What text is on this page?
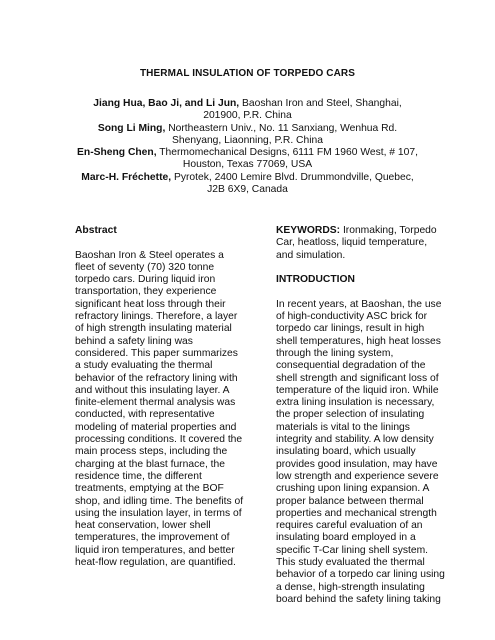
THERMAL INSULATION OF TORPEDO CARS

Jiang Hua, Bao Ji, and Li Jun, Baoshan Iron and Steel, Shanghai, 201900, P.R. China

Song Li Ming, Northeastern Univ., No. 11 Sanxiang, Wenhua Rd. Shenyang, Liaonning, P.R. China

En-Sheng Chen, Thermomechanical Designs, 6111 FM 1960 West, # 107, Houston, Texas 77069, USA

Marc-H. Fréchette, Pyrotek, 2400 Lemire Blvd. Drummondville, Quebec, J2B 6X9, Canada

Abstract
Baoshan Iron & Steel operates a
fleet of seventy (70) 320 tonne
torpedo cars. During liquid iron
transportation, they experience
significant heat loss through their
refractory linings. Therefore, a layer
of high strength insulating material
behind a safety lining was
considered. This paper summarizes
a study evaluating the thermal
behavior of the refractory lining with
and without this insulating layer. A
finite-element thermal analysis was
conducted, with representative
modeling of material properties and
processing conditions. It covered the
main process steps, including the
charging at the blast furnace, the
residence time, the different
treatments, emptying at the BOF
shop, and idling time. The benefits of
using the insulation layer, in terms of
heat conservation, lower shell
temperatures, the improvement of
liquid iron temperatures, and better
heat-flow regulation, are quantified.
KEYWORDS: Ironmaking, Torpedo
Car, heatloss, liquid temperature,
and simulation.
INTRODUCTION
In recent years, at Baoshan, the use
of high-conductivity ASC brick for
torpedo car linings, result in high
shell temperatures, high heat losses
through the lining system,
consequential degradation of the
shell strength and significant loss of
temperature of the liquid iron. While
extra lining insulation is necessary,
the proper selection of insulating
materials is vital to the linings
integrity and stability. A low density
insulating board, which usually
provides good insulation, may have
low strength and experience severe
crushing upon lining expansion. A
proper balance between thermal
properties and mechanical strength
requires careful evaluation of an
insulating board employed in a
specific T-Car lining shell system.
This study evaluated the thermal
behavior of a torpedo car lining using
a dense, high-strength insulating
board behind the safety lining taking
